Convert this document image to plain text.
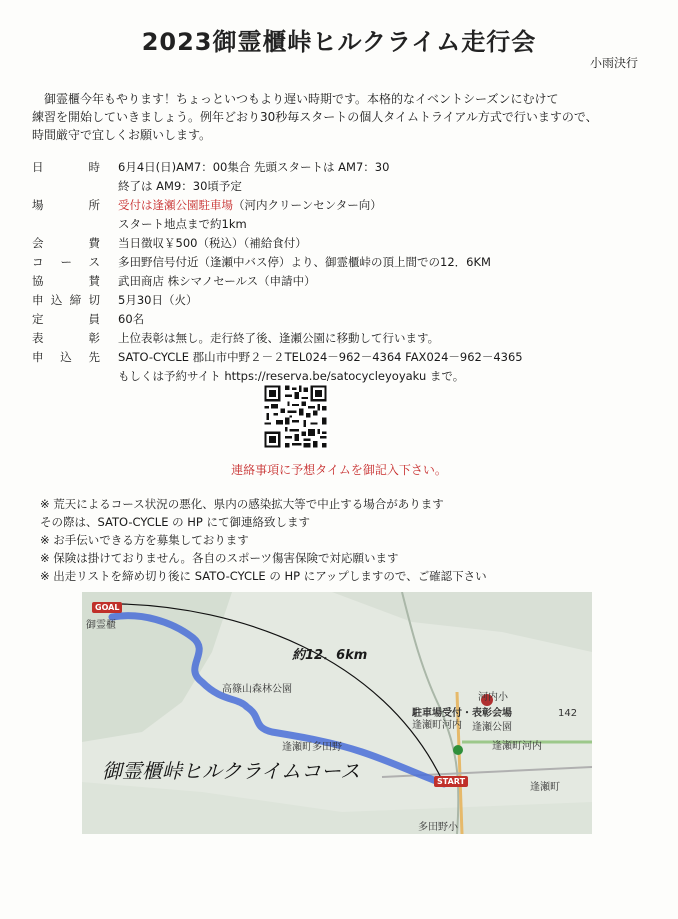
2023御霊櫃峠ヒルクライム走行会
小雨決行

御霊櫃今年もやります！ちょっといつもより遅い時期です。本格的なイベントシーズンにむけて

練習を開始していきましょう。例年どおり30秒毎スタートの個人タイムトライアル方式で行いますので、

時間厳守で宜しくお願いします。

日時 6月4日(日)AM7：00集合 先頭スタートは AM7：30
終了は AM9：30頃予定
場所 受付は逢瀬公園駐車場（河内クリーンセンター向）
スタート地点まで約1km
会費 当日徴収￥500（税込）（補給食付）
コース 多田野信号付近（逢瀬中バス停）より、御霊櫃峠の頂上間での12．6KM
協賛 武田商店 株シマノセールス（申請中）
申込締切 5月30日（火）
定員 60名
表彰 上位表彰は無し。走行終了後、逢瀬公園に移動して行います。
申込先 SATO-CYCLE 郡山市中野２－２TEL024－962－4364 FAX024－962－4365
もしくは予約サイト https://reserva.be/satocycleyoyaku まで。
連絡事項に予想タイムを御記入下さい。
※ 荒天によるコース状況の悪化、県内の感染拡大等で中止する場合があります
その際は、SATO-CYCLE の HP にて御連絡致します
※ お手伝いできる方を募集しております
※ 保険は掛けておりません。各自のスポーツ傷害保険で対応願います
※ 出走リストを締め切り後に SATO-CYCLE の HP にアップしますので、ご確認下さい
GOAL
御霊櫃
START
約12．6km
高篠山森林公園
河内小
駐車場受付・表彰会場
逢瀬町河内 逢瀬公園
逢瀬町河内
逢瀬町多田野
逢瀬町
142
多田野小
御霊櫃峠ヒルクライムコース
